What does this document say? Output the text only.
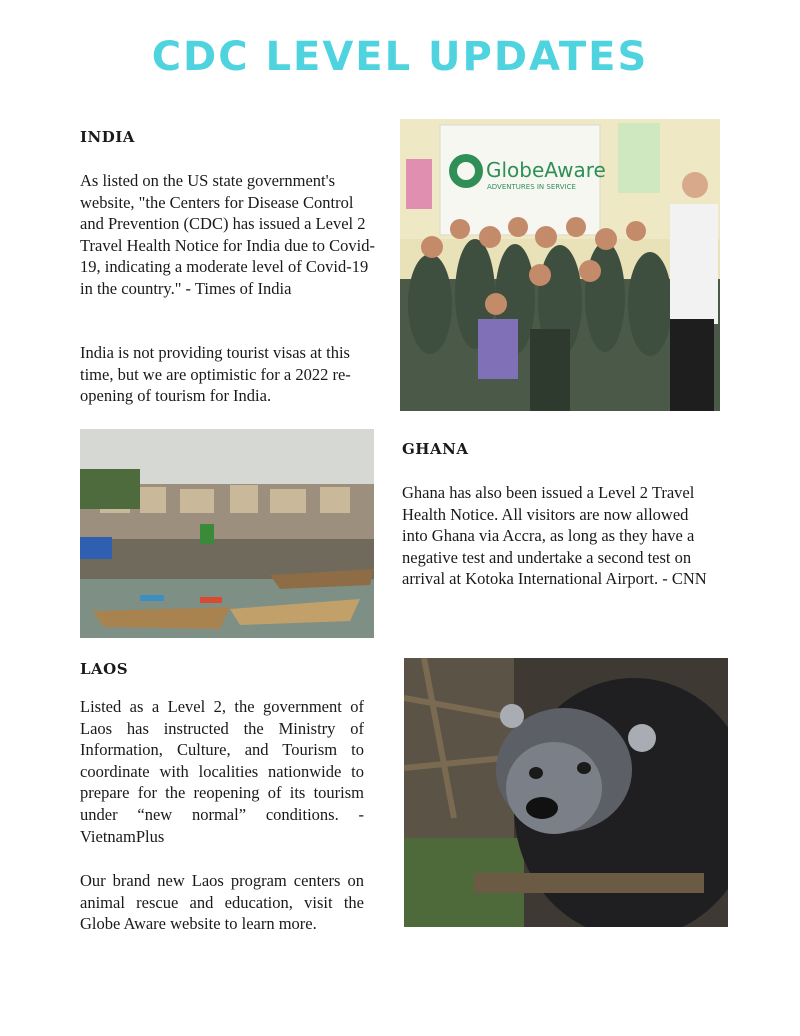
CDC LEVEL UPDATES
INDIA

As listed on the US state government's website, "the Centers for Disease Control and Prevention (CDC) has issued a Level 2 Travel Health Notice for India due to Covid-19, indicating a moderate level of Covid-19 in the country." - Times of India

India is not providing tourist visas at this time, but we are optimistic for a 2022 re-opening of tourism for India.

GlobeAware
ADVENTURES IN SERVICE
GHANA

Ghana has also been issued a Level 2 Travel Health Notice. All visitors are now allowed into Ghana via Accra, as long as they have a negative test and undertake a second test on arrival at Kotoka International Airport. - CNN

LAOS

Listed as a Level 2, the government of Laos has instructed the Ministry of Information, Culture, and Tourism to coordinate with localities nationwide to prepare for the reopening of its tourism under “new normal” conditions. - VietnamPlus

Our brand new Laos program centers on animal rescue and education, visit the Globe Aware website to learn more.
